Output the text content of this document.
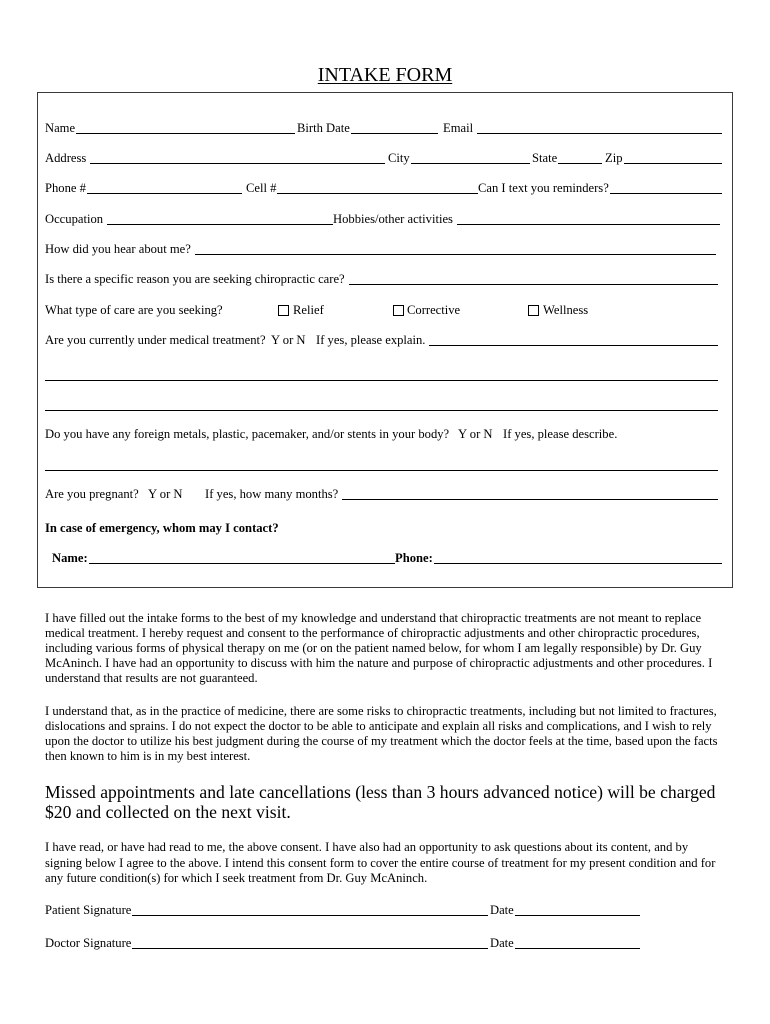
INTAKE FORM
Name	Birth Date	Email
Address	City	State	Zip
Phone #	Cell #	Can I text you reminders?
Occupation	Hobbies/other activities
How did you hear about me?
Is there a specific reason you are seeking chiropractic care?
What type of care are you seeking?	Relief	Corrective	Wellness
Are you currently under medical treatment? Y or N If yes, please explain.
Do you have any foreign metals, plastic, pacemaker, and/or stents in your body? Y or N If yes, please describe.
Are you pregnant? Y or N If yes, how many months?
In case of emergency, whom may I contact?
Name:	Phone:
I have filled out the intake forms to the best of my knowledge and understand that chiropractic treatments are not meant to replace
medical treatment. I hereby request and consent to the performance of chiropractic adjustments and other chiropractic procedures,
including various forms of physical therapy on me (or on the patient named below, for whom I am legally responsible) by Dr. Guy
McAninch. I have had an opportunity to discuss with him the nature and purpose of chiropractic adjustments and other procedures. I
understand that results are not guaranteed.
I understand that, as in the practice of medicine, there are some risks to chiropractic treatments, including but not limited to fractures,
dislocations and sprains. I do not expect the doctor to be able to anticipate and explain all risks and complications, and I wish to rely
upon the doctor to utilize his best judgment during the course of my treatment which the doctor feels at the time, based upon the facts
then known to him is in my best interest.
Missed appointments and late cancellations (less than 3 hours advanced notice) will be charged
$20 and collected on the next visit.
I have read, or have had read to me, the above consent. I have also had an opportunity to ask questions about its content, and by
signing below I agree to the above. I intend this consent form to cover the entire course of treatment for my present condition and for
any future condition(s) for which I seek treatment from Dr. Guy McAninch.
Patient Signature	Date
Doctor Signature	Date
